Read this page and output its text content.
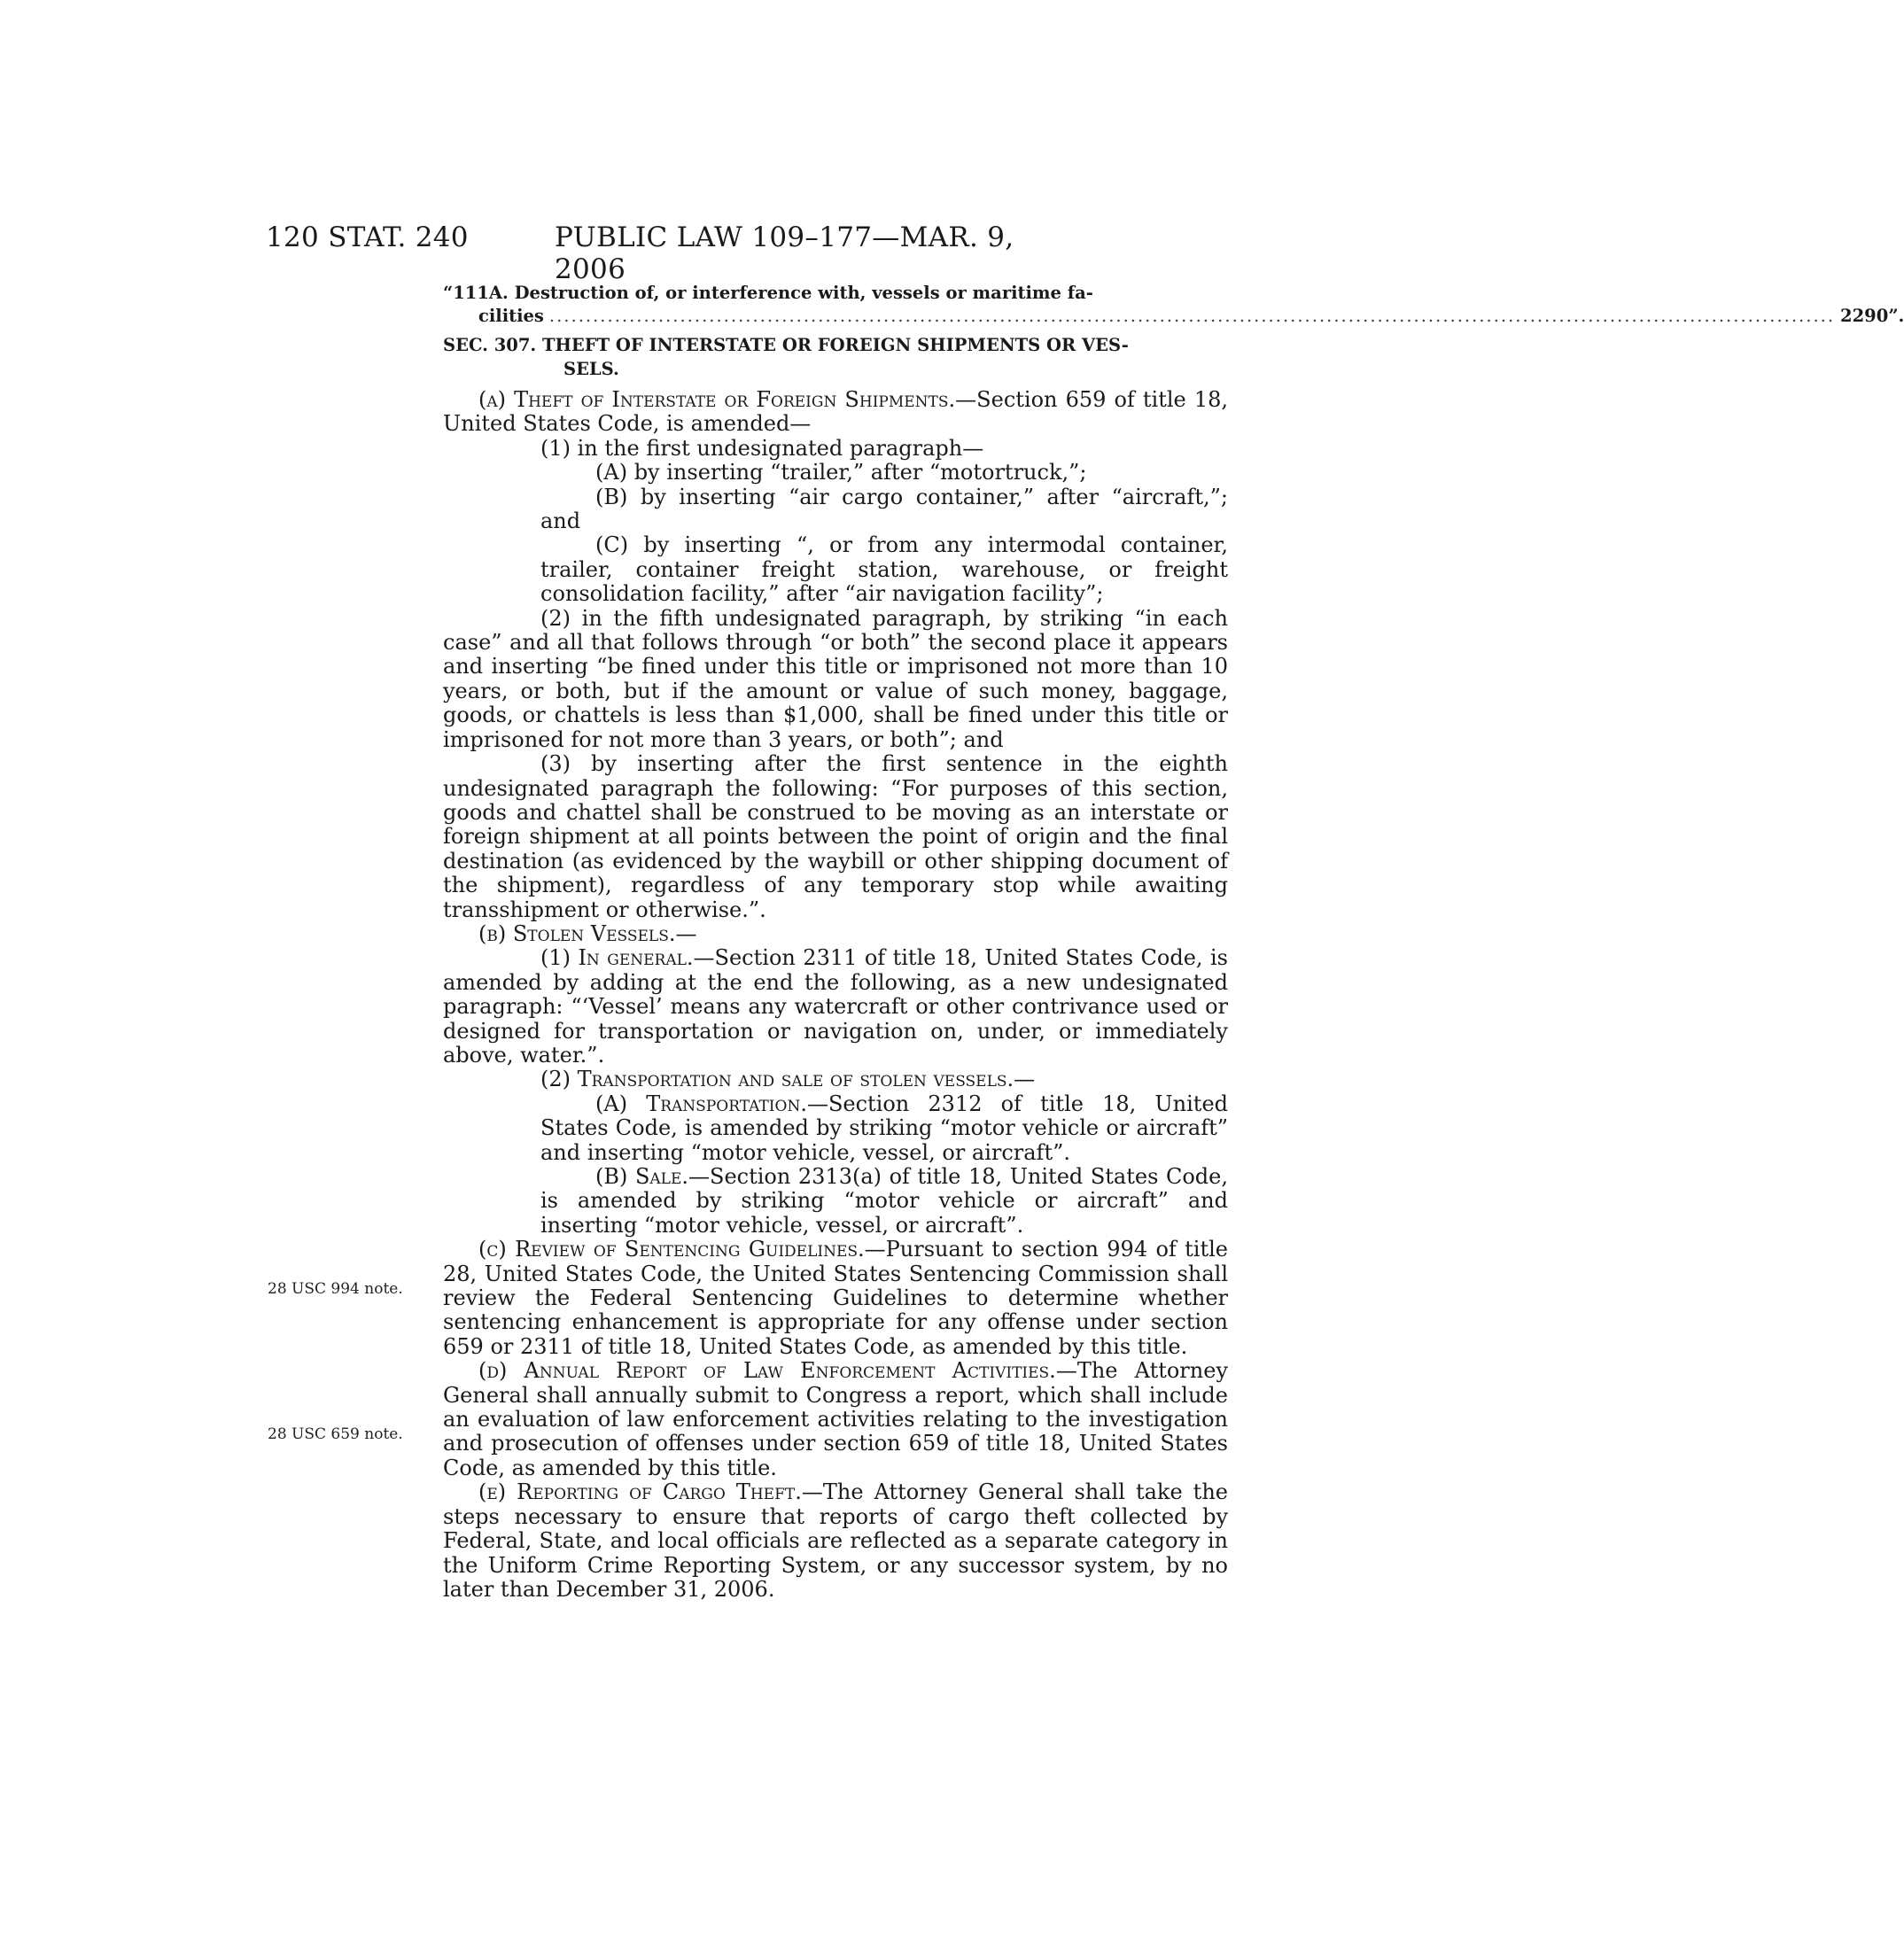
120 STAT. 240	PUBLIC LAW 109–177—MAR. 9, 2006
“111A. Destruction of, or interference with, vessels or maritime fa-
cilities ................................................................................................................................................................................. 2290”.
SEC. 307. THEFT OF INTERSTATE OR FOREIGN SHIPMENTS OR VES-
SELS.

(a) Theft of Interstate or Foreign Shipments.—Section 659 of title 18, United States Code, is amended—

(1) in the first undesignated paragraph—

(A) by inserting “trailer,” after “motortruck,”;

(B) by inserting “air cargo container,” after “aircraft,”; and

(C) by inserting “, or from any intermodal container, trailer, container freight station, warehouse, or freight consolidation facility,” after “air navigation facility”;

(2) in the fifth undesignated paragraph, by striking “in each case” and all that follows through “or both” the second place it appears and inserting “be fined under this title or imprisoned not more than 10 years, or both, but if the amount or value of such money, baggage, goods, or chattels is less than $1,000, shall be fined under this title or imprisoned for not more than 3 years, or both”; and

(3) by inserting after the first sentence in the eighth undesignated paragraph the following: “For purposes of this section, goods and chattel shall be construed to be moving as an interstate or foreign shipment at all points between the point of origin and the final destination (as evidenced by the waybill or other shipping document of the shipment), regardless of any temporary stop while awaiting transshipment or otherwise.”.

(b) Stolen Vessels.—

(1) In general.—Section 2311 of title 18, United States Code, is amended by adding at the end the following, as a new undesignated paragraph: “‘Vessel’ means any watercraft or other contrivance used or designed for transportation or navigation on, under, or immediately above, water.”.

(2) Transportation and sale of stolen vessels.—

(A) Transportation.—Section 2312 of title 18, United States Code, is amended by striking “motor vehicle or aircraft” and inserting “motor vehicle, vessel, or aircraft”.

(B) Sale.—Section 2313(a) of title 18, United States Code, is amended by striking “motor vehicle or aircraft” and inserting “motor vehicle, vessel, or aircraft”.

(c) Review of Sentencing Guidelines.—Pursuant to section 994 of title 28, United States Code, the United States Sentencing Commission shall review the Federal Sentencing Guidelines to determine whether sentencing enhancement is appropriate for any offense under section 659 or 2311 of title 18, United States Code, as amended by this title.

(d) Annual Report of Law Enforcement Activities.—The Attorney General shall annually submit to Congress a report, which shall include an evaluation of law enforcement activities relating to the investigation and prosecution of offenses under section 659 of title 18, United States Code, as amended by this title.

(e) Reporting of Cargo Theft.—The Attorney General shall take the steps necessary to ensure that reports of cargo theft collected by Federal, State, and local officials are reflected as a separate category in the Uniform Crime Reporting System, or any successor system, by no later than December 31, 2006.

28 USC 994 note.
28 USC 659 note.
